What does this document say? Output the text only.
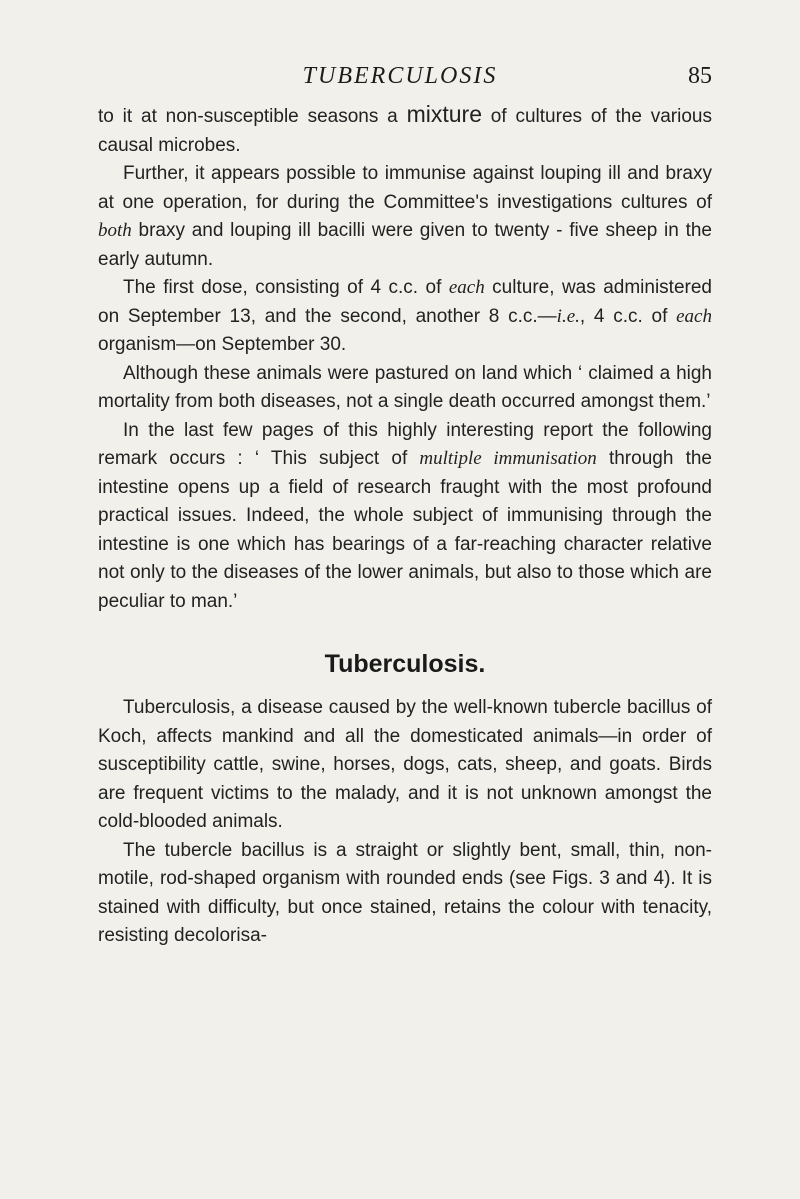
TUBERCULOSIS	85

to it at non-susceptible seasons a mixture of cultures of the various causal microbes.

Further, it appears possible to immunise against louping ill and braxy at one operation, for during the Committee's investigations cultures of both braxy and louping ill bacilli were given to twenty - five sheep in the early autumn.

The first dose, consisting of 4 c.c. of each culture, was administered on September 13, and the second, another 8 c.c.—i.e., 4 c.c. of each organism—on September 30.

Although these animals were pastured on land which ‘ claimed a high mortality from both diseases, not a single death occurred amongst them.’

In the last few pages of this highly interesting report the following remark occurs : ‘ This subject of multiple immunisation through the intestine opens up a field of research fraught with the most profound practical issues. Indeed, the whole subject of immunising through the intestine is one which has bearings of a far-reaching character relative not only to the diseases of the lower animals, but also to those which are peculiar to man.’

Tuberculosis.

Tuberculosis, a disease caused by the well-known tubercle bacillus of Koch, affects mankind and all the domesticated animals—in order of susceptibility cattle, swine, horses, dogs, cats, sheep, and goats. Birds are frequent victims to the malady, and it is not unknown amongst the cold-blooded animals.

The tubercle bacillus is a straight or slightly bent, small, thin, non-motile, rod-shaped organism with rounded ends (see Figs. 3 and 4). It is stained with difficulty, but once stained, retains the colour with tenacity, resisting decolorisa-
